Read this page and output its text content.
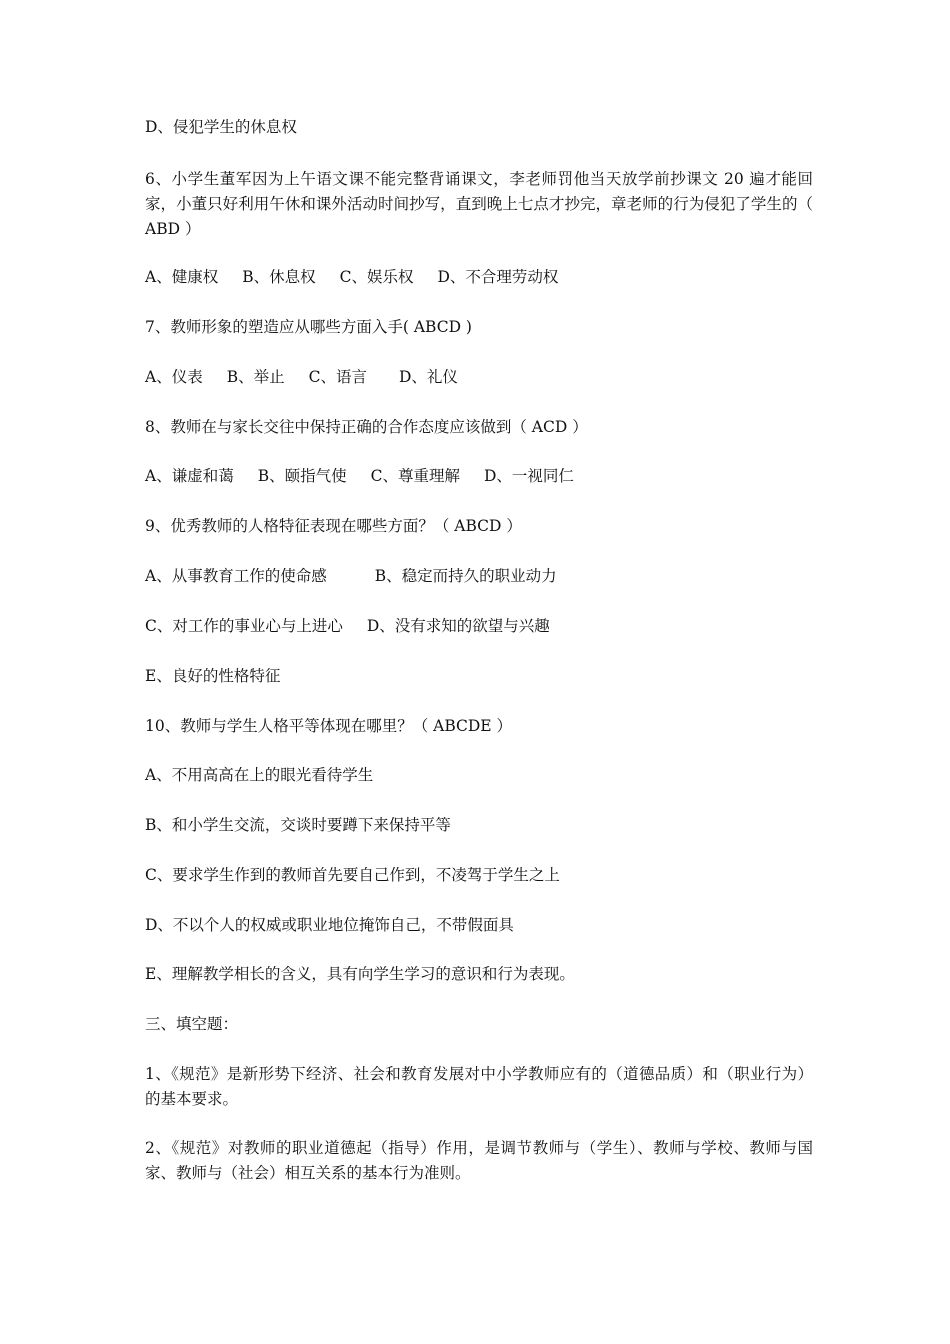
D、侵犯学生的休息权

6、小学生董军因为上午语文课不能完整背诵课文，李老师罚他当天放学前抄课文 20 遍才能回家，小董只好利用午休和课外活动时间抄写，直到晚上七点才抄完，章老师的行为侵犯了学生的（ ABD ）

A、健康权 B、休息权 C、娱乐权 D、不合理劳动权

7、教师形象的塑造应从哪些方面入手( ABCD )

A、仪表 B、举止 C、语言 D、礼仪

8、教师在与家长交往中保持正确的合作态度应该做到（ ACD ）

A、谦虚和蔼 B、颐指气使 C、尊重理解 D、一视同仁

9、优秀教师的人格特征表现在哪些方面？（ ABCD ）

A、从事教育工作的使命感	B、稳定而持久的职业动力

C、对工作的事业心与上进心 D、没有求知的欲望与兴趣

E、良好的性格特征

10、教师与学生人格平等体现在哪里？（ ABCDE ）

A、不用高高在上的眼光看待学生

B、和小学生交流，交谈时要蹲下来保持平等

C、要求学生作到的教师首先要自己作到，不凌驾于学生之上

D、不以个人的权威或职业地位掩饰自己，不带假面具

E、理解教学相长的含义，具有向学生学习的意识和行为表现。

三、填空题：

1、《规范》是新形势下经济、社会和教育发展对中小学教师应有的（道德品质）和（职业行为）的基本要求。

2、《规范》对教师的职业道德起（指导）作用，是调节教师与（学生）、教师与学校、教师与国家、教师与（社会）相互关系的基本行为准则。
